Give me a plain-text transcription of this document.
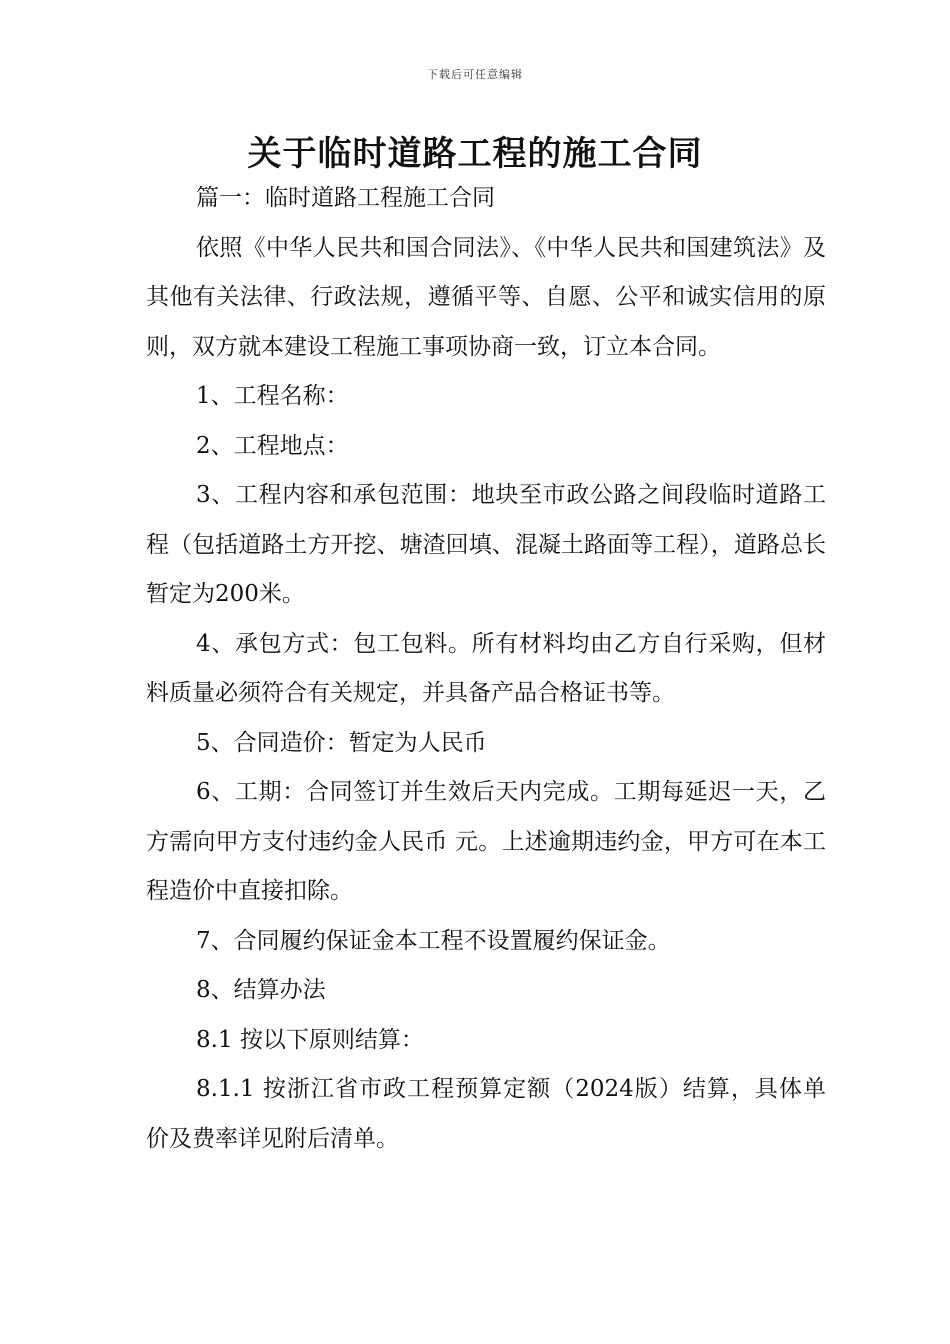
下载后可任意编辑
关于临时道路工程的施工合同

篇一：临时道路工程施工合同

依照《中华人民共和国合同法》、《中华人民共和国建筑法》及其他有关法律、行政法规，遵循平等、自愿、公平和诚实信用的原则，双方就本建设工程施工事项协商一致，订立本合同。

1、工程名称：

2、工程地点：

3、工程内容和承包范围：地块至市政公路之间段临时道路工程（包括道路土方开挖、塘渣回填、混凝土路面等工程），道路总长暂定为200米。

4、承包方式：包工包料。所有材料均由乙方自行采购，但材料质量必须符合有关规定，并具备产品合格证书等。

5、合同造价：暂定为人民币

6、工期：合同签订并生效后天内完成。工期每延迟一天，乙方需向甲方支付违约金人民币 元。上述逾期违约金，甲方可在本工程造价中直接扣除。

7、合同履约保证金本工程不设置履约保证金。

8、结算办法

8.1 按以下原则结算：

8.1.1 按浙江省市政工程预算定额（2024版）结算，具体单价及费率详见附后清单。
